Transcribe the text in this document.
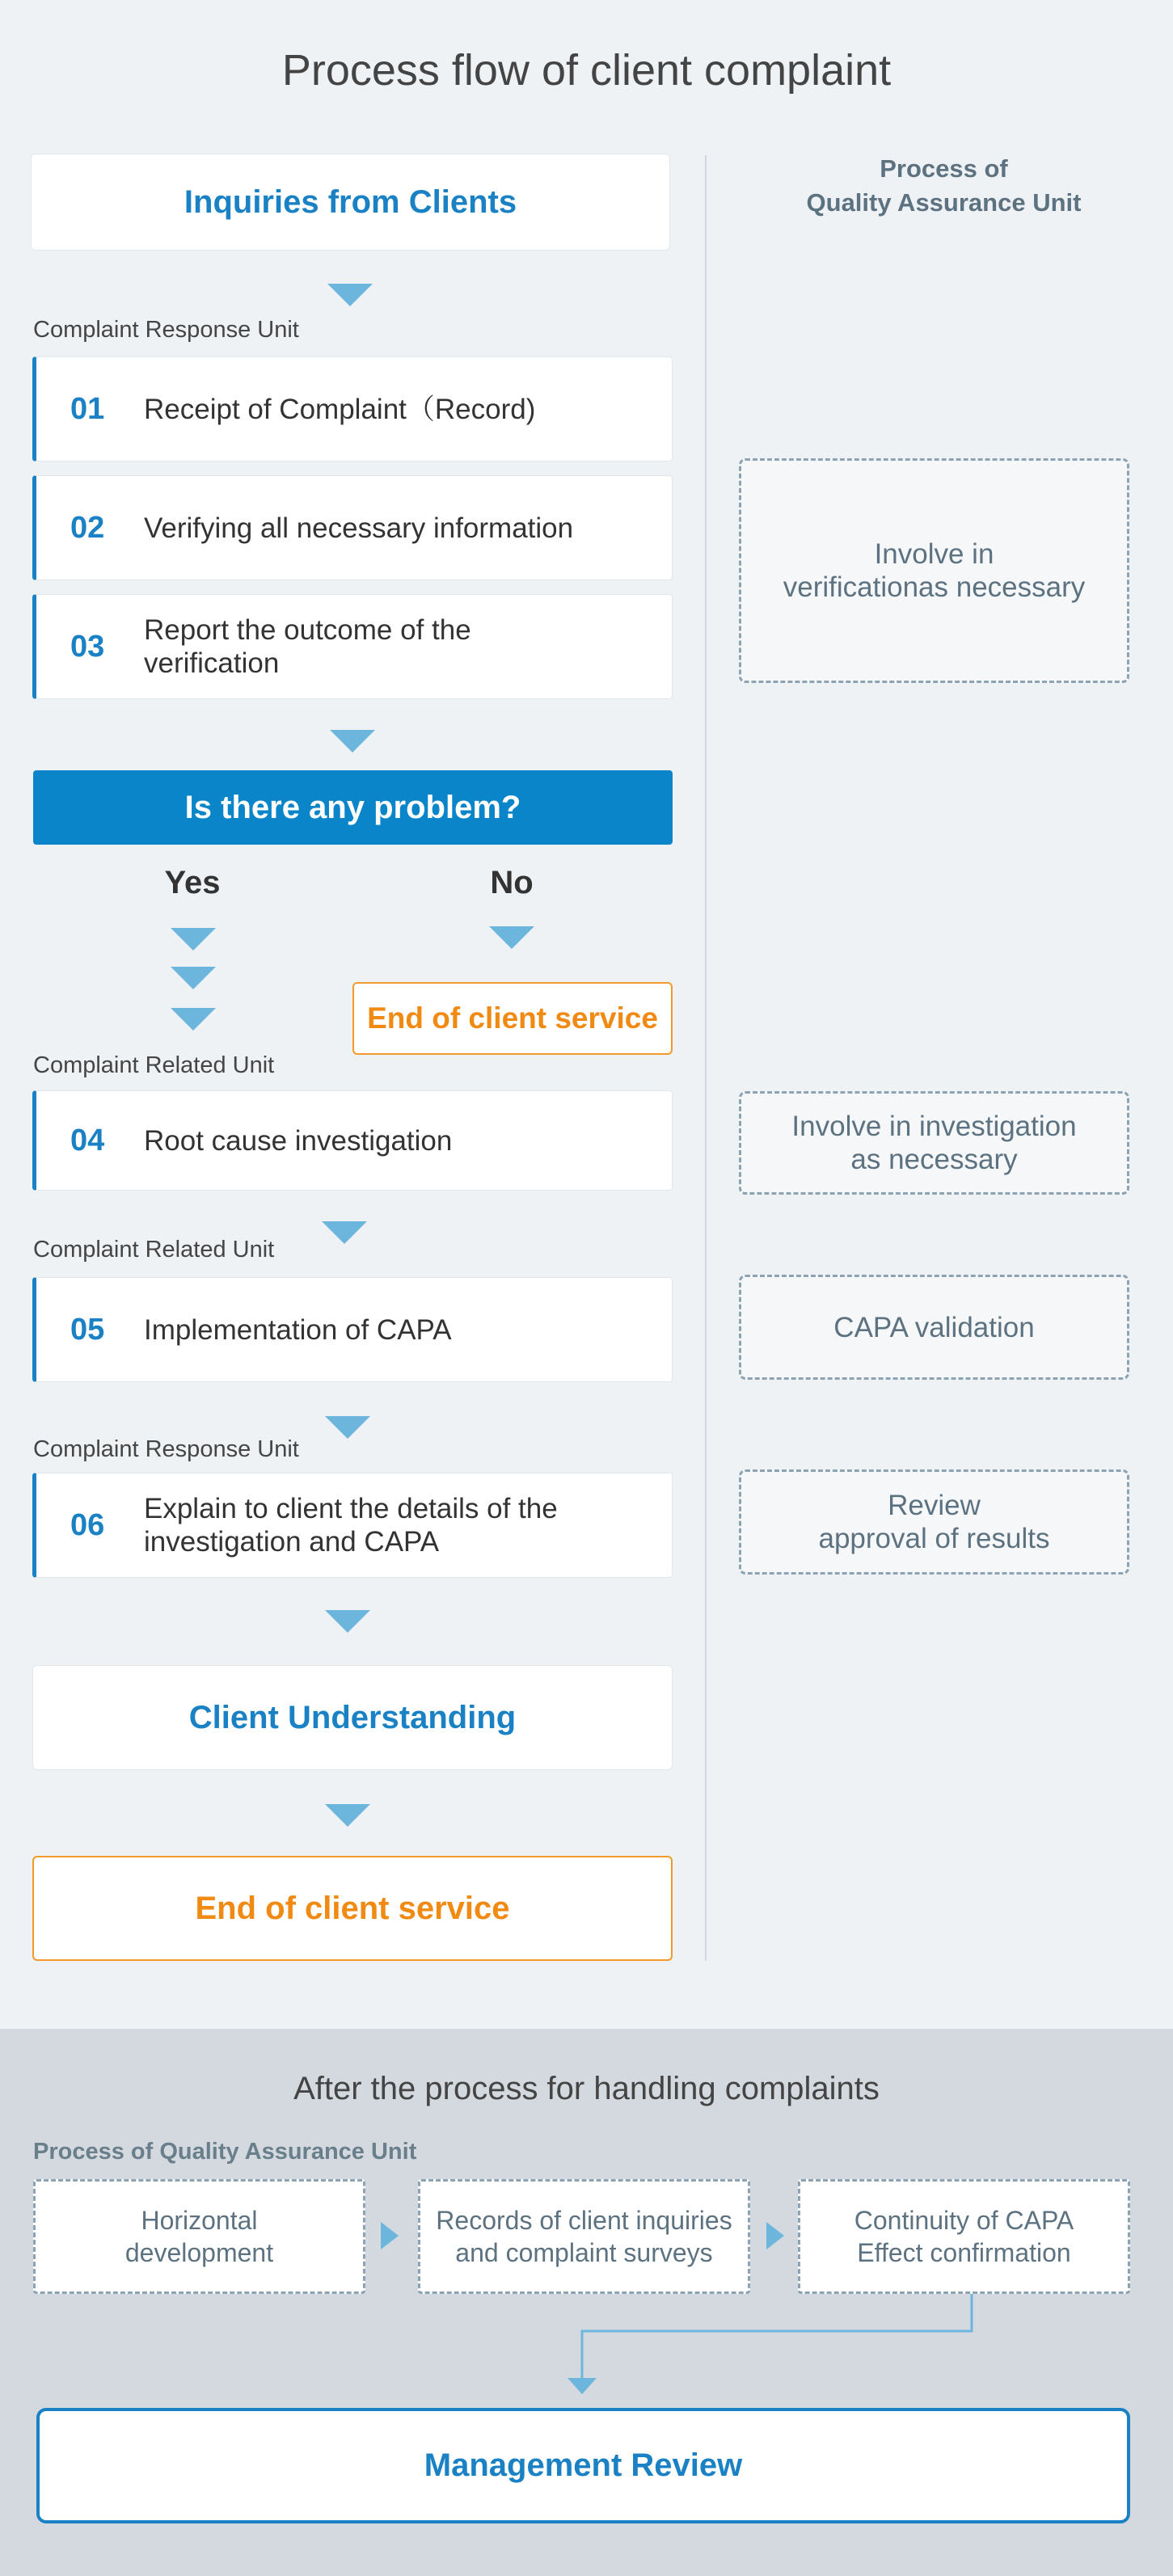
Process flow of client complaint
Process of
Quality Assurance Unit
Inquiries from Clients
Complaint Response Unit
01	Receipt of Complaint（Record)
02	Verifying all necessary information
03	Report the outcome of the verification
Involve in
verificationas necessary
Is there any problem?
Yes	No
End of client service
Complaint Related Unit
04	Root cause investigation	Involve in investigation
as necessary
Complaint Related Unit
05	Implementation of CAPA	CAPA validation
Complaint Response Unit
06	Explain to client the details of the investigation and CAPA
Review
approval of results
Client Understanding
End of client service
After the process for handling complaints
Process of Quality Assurance Unit
Horizontal
development
Records of client inquiries
and complaint surveys
Continuity of CAPA
Effect confirmation
Management Review
